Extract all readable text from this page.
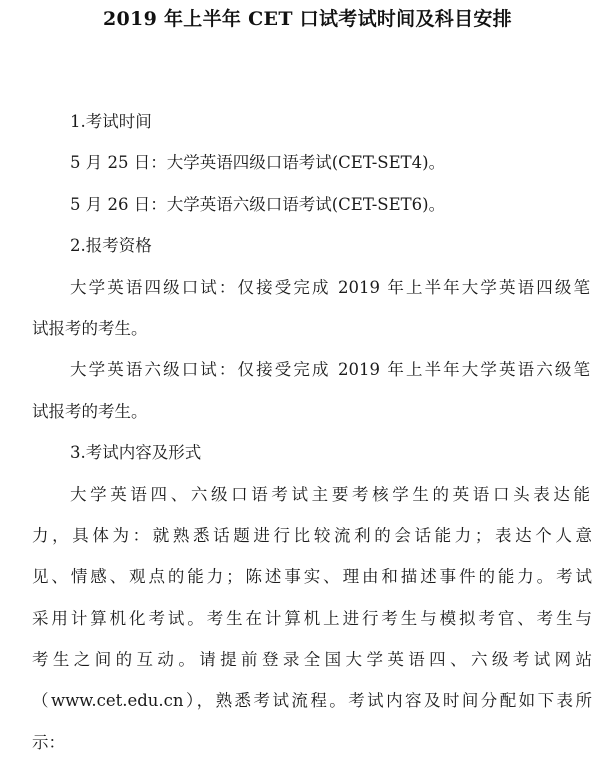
2019 年上半年 CET 口试考试时间及科目安排
1.考试时间
5 月 25 日：大学英语四级口语考试(CET-SET4)。
5 月 26 日：大学英语六级口语考试(CET-SET6)。
2.报考资格
大学英语四级口试：仅接受完成 2019 年上半年大学英语四级笔
试报考的考生。
大学英语六级口试：仅接受完成 2019 年上半年大学英语六级笔
试报考的考生。
3.考试内容及形式
大学英语四、六级口语考试主要考核学生的英语口头表达能
力，具体为：就熟悉话题进行比较流利的会话能力；表达个人意
见、情感、观点的能力；陈述事实、理由和描述事件的能力。考试
采用计算机化考试。考生在计算机上进行考生与模拟考官、考生与
考生之间的互动。请提前登录全国大学英语四、六级考试网站
（www.cet.edu.cn），熟悉考试流程。考试内容及时间分配如下表所
示：
